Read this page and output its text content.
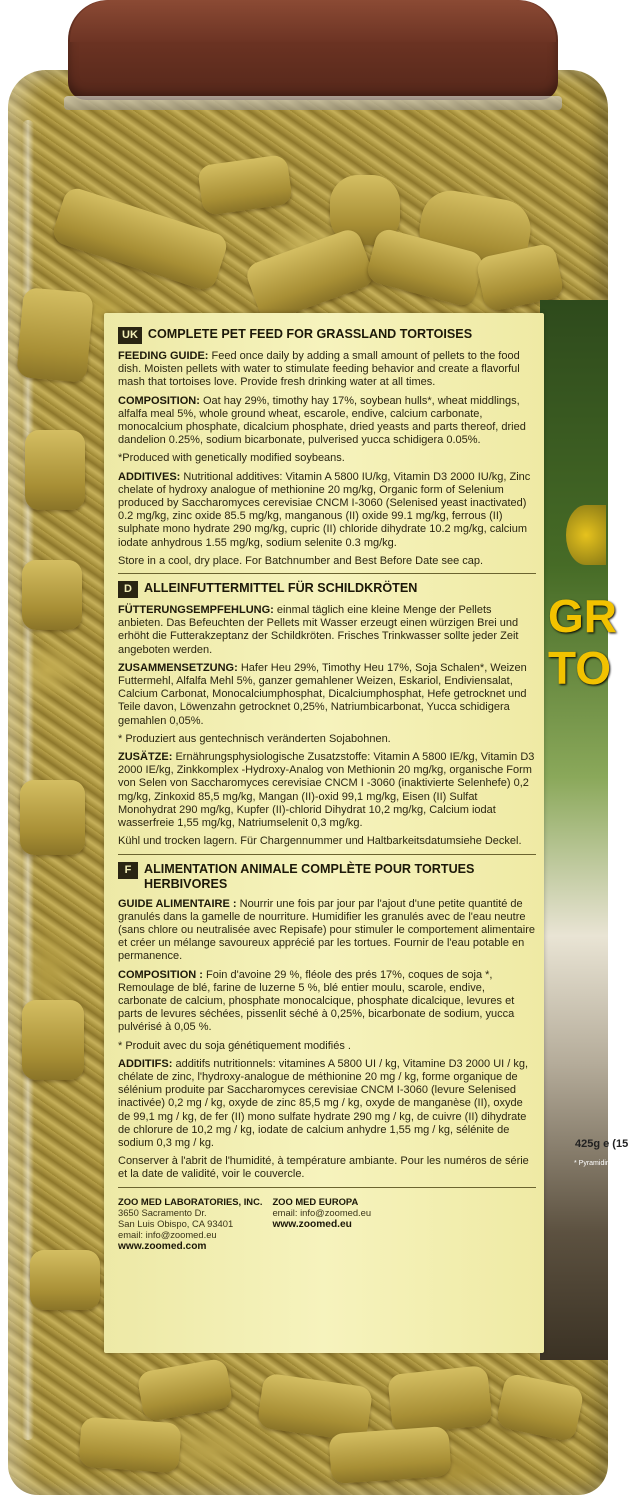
GR TO
425g e (15
* Pyramiding & NOT
UK COMPLETE PET FEED FOR GRASSLAND TORTOISES

FEEDING GUIDE: Feed once daily by adding a small amount of pellets to the food dish. Moisten pellets with water to stimulate feeding behavior and create a flavorful mash that tortoises love. Provide fresh drinking water at all times.

COMPOSITION: Oat hay 29%, timothy hay 17%, soybean hulls*, wheat middlings, alfalfa meal 5%, whole ground wheat, escarole, endive, calcium carbonate, monocalcium phosphate, dicalcium phosphate, dried yeasts and parts thereof, dried dandelion 0.25%, sodium bicarbonate, pulverised yucca schidigera 0.05%.

*Produced with genetically modified soybeans.

ADDITIVES: Nutritional additives: Vitamin A 5800 IU/kg, Vitamin D3 2000 IU/kg, Zinc chelate of hydroxy analogue of methionine 20 mg/kg, Organic form of Selenium produced by Saccharomyces cerevisiae CNCM I-3060 (Selenised yeast inactivated) 0.2 mg/kg, zinc oxide 85.5 mg/kg, manganous (II) oxide 99.1 mg/kg, ferrous (II) sulphate mono hydrate 290 mg/kg, cupric (II) chloride dihydrate 10.2 mg/kg, calcium iodate anhydrous 1.55 mg/kg, sodium selenite 0.3 mg/kg.

Store in a cool, dry place. For Batchnumber and Best Before Date see cap.

D ALLEINFUTTERMITTEL FÜR SCHILDKRÖTEN

FÜTTERUNGSEMPFEHLUNG: einmal täglich eine kleine Menge der Pellets anbieten. Das Befeuchten der Pellets mit Wasser erzeugt einen würzigen Brei und erhöht die Futterakzeptanz der Schildkröten. Frisches Trinkwasser sollte jeder Zeit angeboten werden.

ZUSAMMENSETZUNG: Hafer Heu 29%, Timothy Heu 17%, Soja Schalen*, Weizen Futtermehl, Alfalfa Mehl 5%, ganzer gemahlener Weizen, Eskariol, Endiviensalat, Calcium Carbonat, Monocalciumphosphat, Dicalciumphosphat, Hefe getrocknet und Teile davon, Löwenzahn getrocknet 0,25%, Natriumbicarbonat, Yucca schidigera gemahlen 0,05%.

* Produziert aus gentechnisch veränderten Sojabohnen.

ZUSÄTZE: Ernährungsphysiologische Zusatzstoffe: Vitamin A 5800 IE/kg, Vitamin D3 2000 IE/kg, Zinkkomplex -Hydroxy-Analog von Methionin 20 mg/kg, organische Form von Selen von Saccharomyces cerevisiae CNCM I -3060 (inaktivierte Selenhefe) 0,2 mg/kg, Zinkoxid 85,5 mg/kg, Mangan (II)-oxid 99,1 mg/kg, Eisen (II) Sulfat Monohydrat 290 mg/kg, Kupfer (II)-chlorid Dihydrat 10,2 mg/kg, Calcium iodat wasserfreie 1,55 mg/kg, Natriumselenit 0,3 mg/kg.

Kühl und trocken lagern. Für Chargennummer und Haltbarkeitsdatumsiehe Deckel.

F	ALIMENTATION ANIMALE COMPLÈTE POUR TORTUES HERBIVORES

GUIDE ALIMENTAIRE : Nourrir une fois par jour par l'ajout d'une petite quantité de granulés dans la gamelle de nourriture. Humidifier les granulés avec de l'eau neutre (sans chlore ou neutralisée avec Repisafe) pour stimuler le comportement alimentaire et créer un mélange savoureux apprécié par les tortues. Fournir de l'eau potable en permanence.

COMPOSITION : Foin d'avoine 29 %, fléole des prés 17%, coques de soja *, Remoulage de blé, farine de luzerne 5 %, blé entier moulu, scarole, endive, carbonate de calcium, phosphate monocalcique, phosphate dicalcique, levures et parts de levures séchées, pissenlit séché à 0,25%, bicarbonate de sodium, yucca pulvérisé à 0,05 %.

* Produit avec du soja génétiquement modifiés .

ADDITIFS: additifs nutritionnels: vitamines A 5800 UI / kg, Vitamine D3 2000 UI / kg, chélate de zinc, l'hydroxy-analogue de méthionine 20 mg / kg, forme organique de sélénium produite par Saccharomyces cerevisiae CNCM I-3060 (levure Selenised inactivée) 0,2 mg / kg, oxyde de zinc 85,5 mg / kg, oxyde de manganèse (II), oxyde de 99,1 mg / kg, de fer (II) mono sulfate hydrate 290 mg / kg, de cuivre (II) dihydrate de chlorure de 10,2 mg / kg, iodate de calcium anhydre 1,55 mg / kg, sélénite de sodium 0,3 mg / kg.

Conserver à l'abrit de l'humidité, à température ambiante. Pour les numéros de série et la date de validité, voir le couvercle.

ZOO MED LABORATORIES, INC.
3650 Sacramento Dr.
San Luis Obispo, CA 93401
email: info@zoomed.eu
www.zoomed.com
ZOO MED EUROPA
email: info@zoomed.eu
www.zoomed.eu
